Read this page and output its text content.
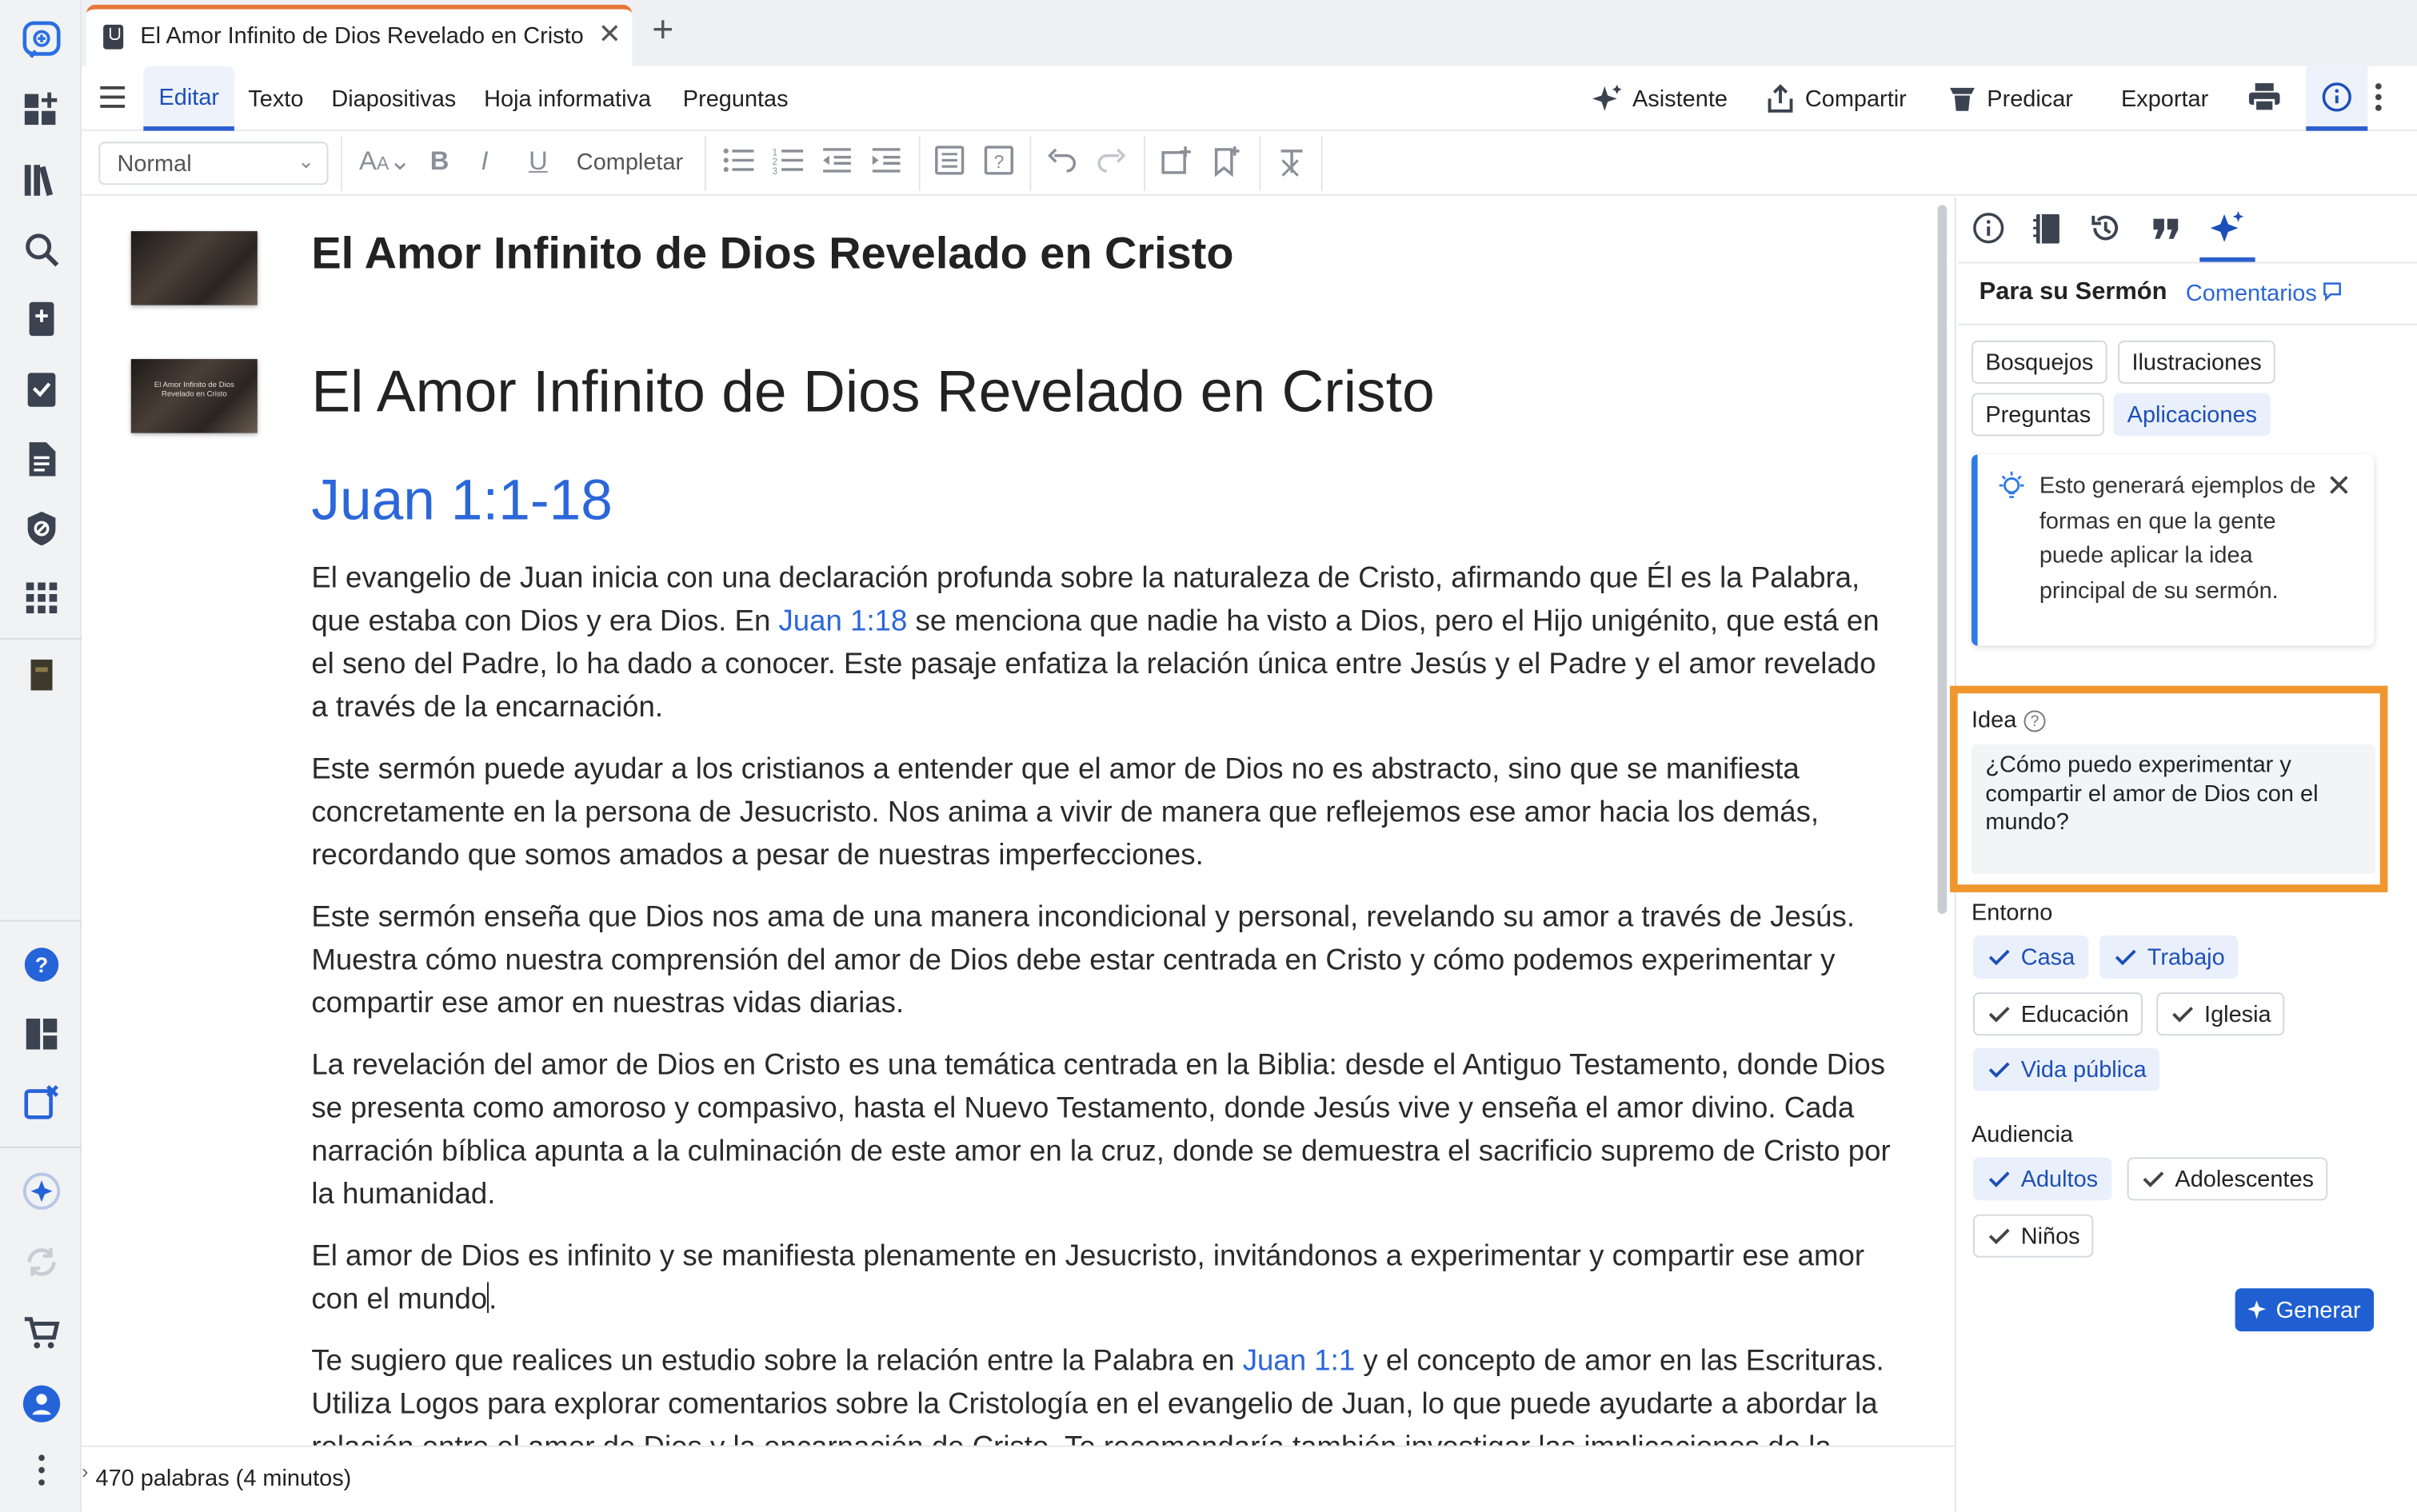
?
El Amor Infinito de Dios Revelado en Cristo ✕ +
Editar Texto Diapositivas Hoja informativa	Preguntas	Asistente	Compartir	Predicar	Exportar
Normal	⌄	AA⌄ B I	U Completar	1
2
3	?
El Amor Infinito de Dios Revelado en Cristo
El Amor Infinito de Dios Revelado en Cristo
El Amor Infinito de Dios Revelado en Cristo
Juan 1:1-18
El evangelio de Juan inicia con una declaración profunda sobre la naturaleza de Cristo, afirmando que Él es la Palabra, que estaba con Dios y era Dios. En Juan 1:18 se menciona que nadie ha visto a Dios, pero el Hijo unigénito, que está en el seno del Padre, lo ha dado a conocer. Este pasaje enfatiza la relación única entre Jesús y el Padre y el amor revelado a través de la encarnación.
Este sermón puede ayudar a los cristianos a entender que el amor de Dios no es abstracto, sino que se manifiesta concretamente en la persona de Jesucristo. Nos anima a vivir de manera que reflejemos ese amor hacia los demás, recordando que somos amados a pesar de nuestras imperfecciones.
Este sermón enseña que Dios nos ama de una manera incondicional y personal, revelando su amor a través de Jesús. Muestra cómo nuestra comprensión del amor de Dios debe estar centrada en Cristo y cómo podemos experimentar y compartir ese amor en nuestras vidas diarias.
La revelación del amor de Dios en Cristo es una temática centrada en la Biblia: desde el Antiguo Testamento, donde Dios se presenta como amoroso y compasivo, hasta el Nuevo Testamento, donde Jesús vive y enseña el amor divino. Cada narración bíblica apunta a la culminación de este amor en la cruz, donde se demuestra el sacrificio supremo de Cristo por la humanidad.
El amor de Dios es infinito y se manifiesta plenamente en Jesucristo, invitándonos a experimentar y compartir ese amor con el mundo .
Te sugiero que realices un estudio sobre la relación entre la Palabra en Juan 1:1 y el concepto de amor en las Escrituras. Utiliza Logos para explorar comentarios sobre la Cristología en el evangelio de Juan, lo que puede ayudarte a abordar la
› 470 palabras (4 minutos)
Para su Sermón Comentarios
Bosquejos	Ilustraciones
Preguntas	Aplicaciones
Esto generará ejemplos de formas en que la gente puede aplicar la idea principal de su sermón.
✕
Idea	?
¿Cómo puedo experimentar y compartir el amor de Dios con el mundo?
Entorno
Casa	Trabajo
Educación	Iglesia
Vida pública
Audiencia
Adultos	Adolescentes
Niños
Generar
